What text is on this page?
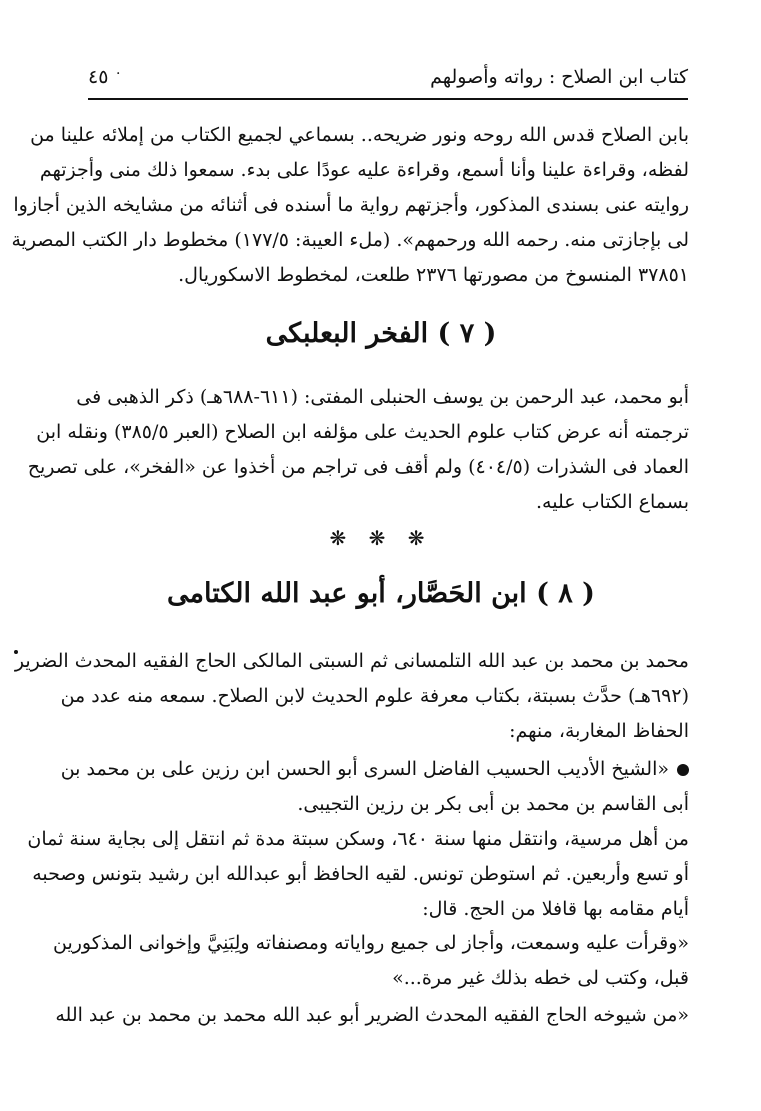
كتاب ابن الصلاح : رواته وأصولهم
٤٥ ·
بابن الصلاح قدس الله روحه ونور ضريحه.. بسماعي لجميع الكتاب من إملائه علينا من
لفظه، وقراءة علينا وأنا أسمع، وقراءة عليه عودًا على بدء. سمعوا ذلك منى وأجزتهم
روايته عنى بسندى المذكور، وأجزتهم رواية ما أسنده فى أثنائه من مشايخه الذين أجازوا
لى بإجازتى منه. رحمه الله ورحمهم». (ملء العيبة: ١٧٧/٥) مخطوط دار الكتب المصرية
٣٧٨٥١ المنسوخ من مصورتها ٢٣٧٦ طلعت، لمخطوط الاسكوريال.
( ٧ ) الفخر البعلبكى
أبو محمد، عبد الرحمن بن يوسف الحنبلى المفتى: (٦١١-٦٨٨هـ) ذكر الذهبى فى
ترجمته أنه عرض كتاب علوم الحديث على مؤلفه ابن الصلاح (العبر ٣٨٥/٥) ونقله ابن
العماد فى الشذرات (٤٠٤/٥) ولم أقف فى تراجم من أخذوا عن «الفخر»، على تصريح
بسماع الكتاب عليه.
❋ ❋ ❋
( ٨ ) ابن الحَصَّار، أبو عبد الله الكتامى
محمد بن محمد بن عبد الله التلمسانى ثم السبتى المالكى الحاج الفقيه المحدث الضرير
(٦٩٢هـ) حدَّث بسبتة، بكتاب معرفة علوم الحديث لابن الصلاح. سمعه منه عدد من
الحفاظ المغاربة، منهم:
«الشيخ الأديب الحسيب الفاضل السرى أبو الحسن ابن رزين على بن محمد بن
أبى القاسم بن محمد بن أبى بكر بن رزين التجيبى.
من أهل مرسية، وانتقل منها سنة ٦٤٠، وسكن سبتة مدة ثم انتقل إلى بجاية سنة ثمان
أو تسع وأربعين. ثم استوطن تونس. لقيه الحافظ أبو عبدالله ابن رشيد بتونس وصحبه
أيام مقامه بها قافلا من الحج. قال:
«وقرأت عليه وسمعت، وأجاز لى جميع رواياته ومصنفاته ولِبَنِيَّ وإخوانى المذكورين
قبل، وكتب لى خطه بذلك غير مرة...»
«من شيوخه الحاج الفقيه المحدث الضرير أبو عبد الله محمد بن محمد بن عبد الله
